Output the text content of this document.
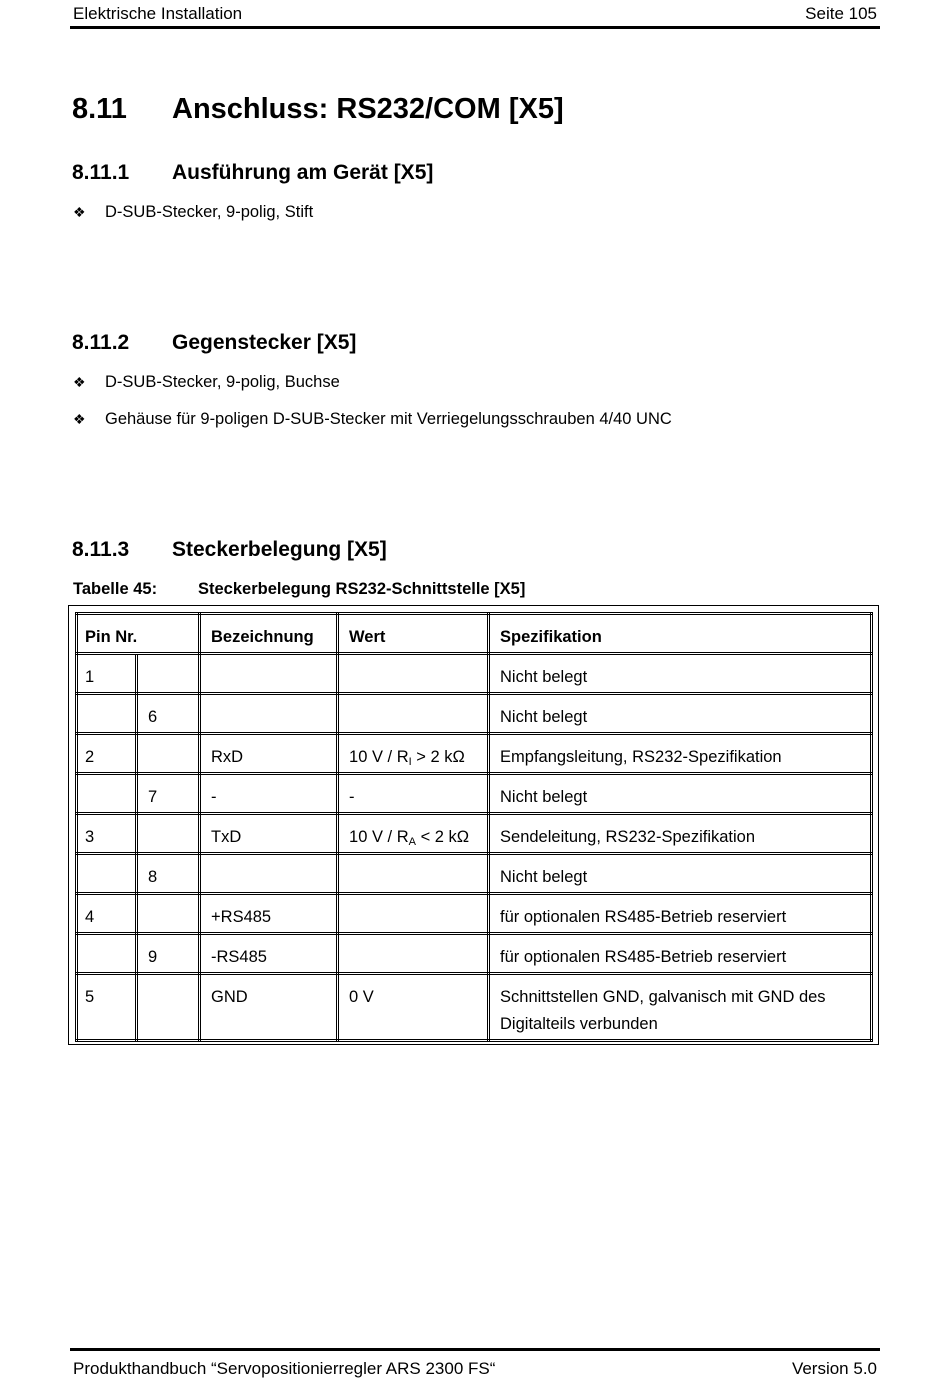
Elektrische Installation	Seite 105
8.11 Anschluss: RS232/COM [X5]
8.11.1 Ausführung am Gerät [X5]
❖ D-SUB-Stecker, 9-polig, Stift
8.11.2 Gegenstecker [X5]
❖ D-SUB-Stecker, 9-polig, Buchse
❖ Gehäuse für 9-poligen D-SUB-Stecker mit Verriegelungsschrauben 4/40 UNC
8.11.3 Steckerbelegung [X5]
Tabelle 45: Steckerbelegung RS232-Schnittstelle [X5]
Pin Nr.		Bezeichnung	Wert	Spezifikation
1				Nicht belegt
	6			Nicht belegt
2		RxD	10 $V / R_I > 2$ kΩ	Empfangsleitung, RS232-Spezifikation
	7	-	-	Nicht belegt
3		TxD	10 $V / R_A < 2$ kΩ	Sendeleitung, RS232-Spezifikation
	8			Nicht belegt
4		+RS485		für optionalen RS485-Betrieb reserviert
	9	-RS485		für optionalen RS485-Betrieb reserviert
5		GND	0 V	Schnittstellen GND, galvanisch mit GND des Digitalteils verbunden
Produkthandbuch “Servopositionierregler ARS 2300 FS“	Version 5.0
